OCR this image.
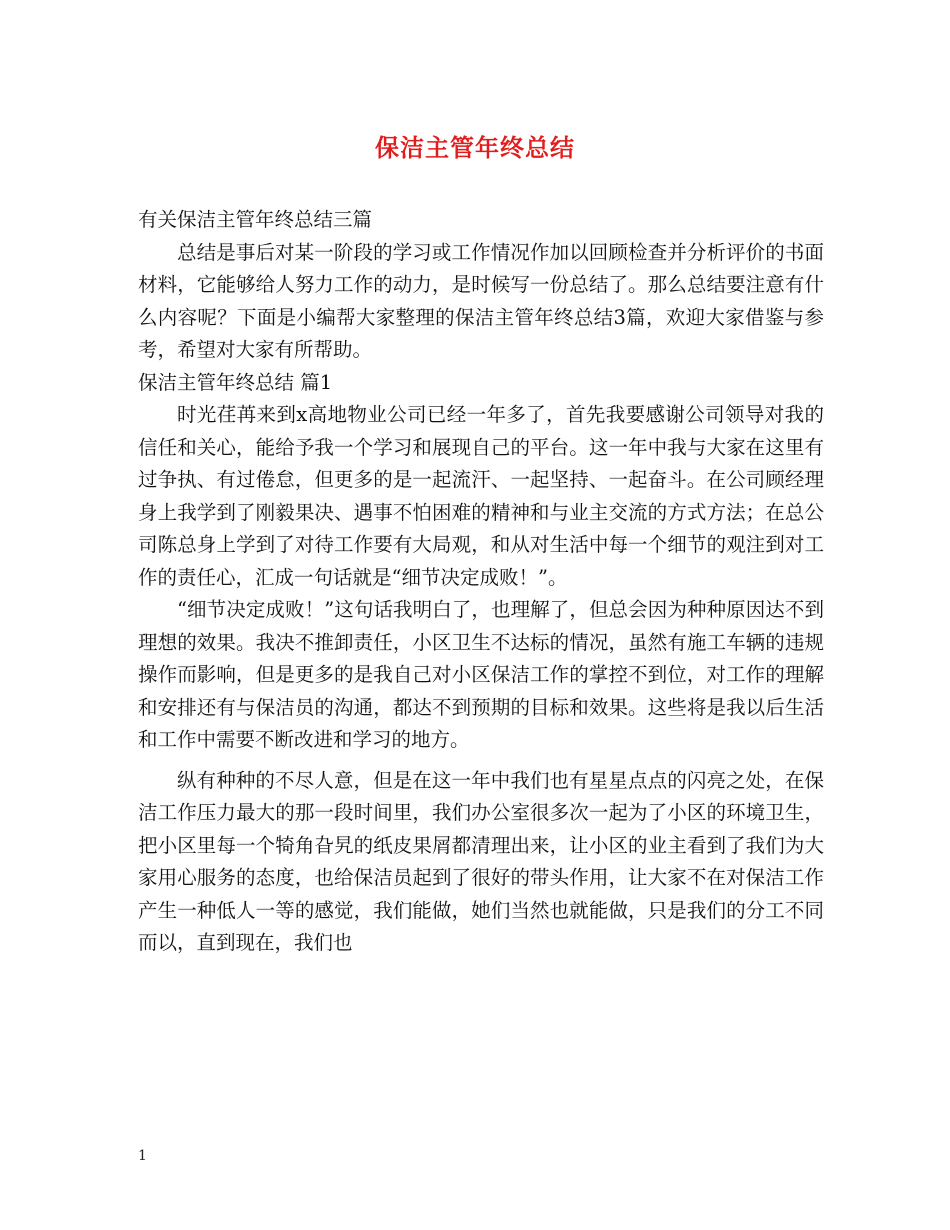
保洁主管年终总结

有关保洁主管年终总结三篇

总结是事后对某一阶段的学习或工作情况作加以回顾检查并分析评价的书面材料，它能够给人努力工作的动力，是时候写一份总结了。那么总结要注意有什么内容呢？下面是小编帮大家整理的保洁主管年终总结3篇，欢迎大家借鉴与参考，希望对大家有所帮助。

保洁主管年终总结 篇1

时光荏苒来到x高地物业公司已经一年多了，首先我要感谢公司领导对我的信任和关心，能给予我一个学习和展现自己的平台。这一年中我与大家在这里有过争执、有过倦怠，但更多的是一起流汗、一起坚持、一起奋斗。在公司顾经理身上我学到了刚毅果决、遇事不怕困难的精神和与业主交流的方式方法；在总公司陈总身上学到了对待工作要有大局观，和从对生活中每一个细节的观注到对工作的责任心，汇成一句话就是“细节决定成败！”。

“细节决定成败！”这句话我明白了，也理解了，但总会因为种种原因达不到理想的效果。我决不推卸责任，小区卫生不达标的情况，虽然有施工车辆的违规操作而影响，但是更多的是我自己对小区保洁工作的掌控不到位，对工作的理解和安排还有与保洁员的沟通，都达不到预期的目标和效果。这些将是我以后生活和工作中需要不断改进和学习的地方。

纵有种种的不尽人意，但是在这一年中我们也有星星点点的闪亮之处，在保洁工作压力最大的那一段时间里，我们办公室很多次一起为了小区的环境卫生，把小区里每一个犄角旮旯的纸皮果屑都清理出来，让小区的业主看到了我们为大家用心服务的态度，也给保洁员起到了很好的带头作用，让大家不在对保洁工作产生一种低人一等的感觉，我们能做，她们当然也就能做，只是我们的分工不同而以，直到现在，我们也

1
